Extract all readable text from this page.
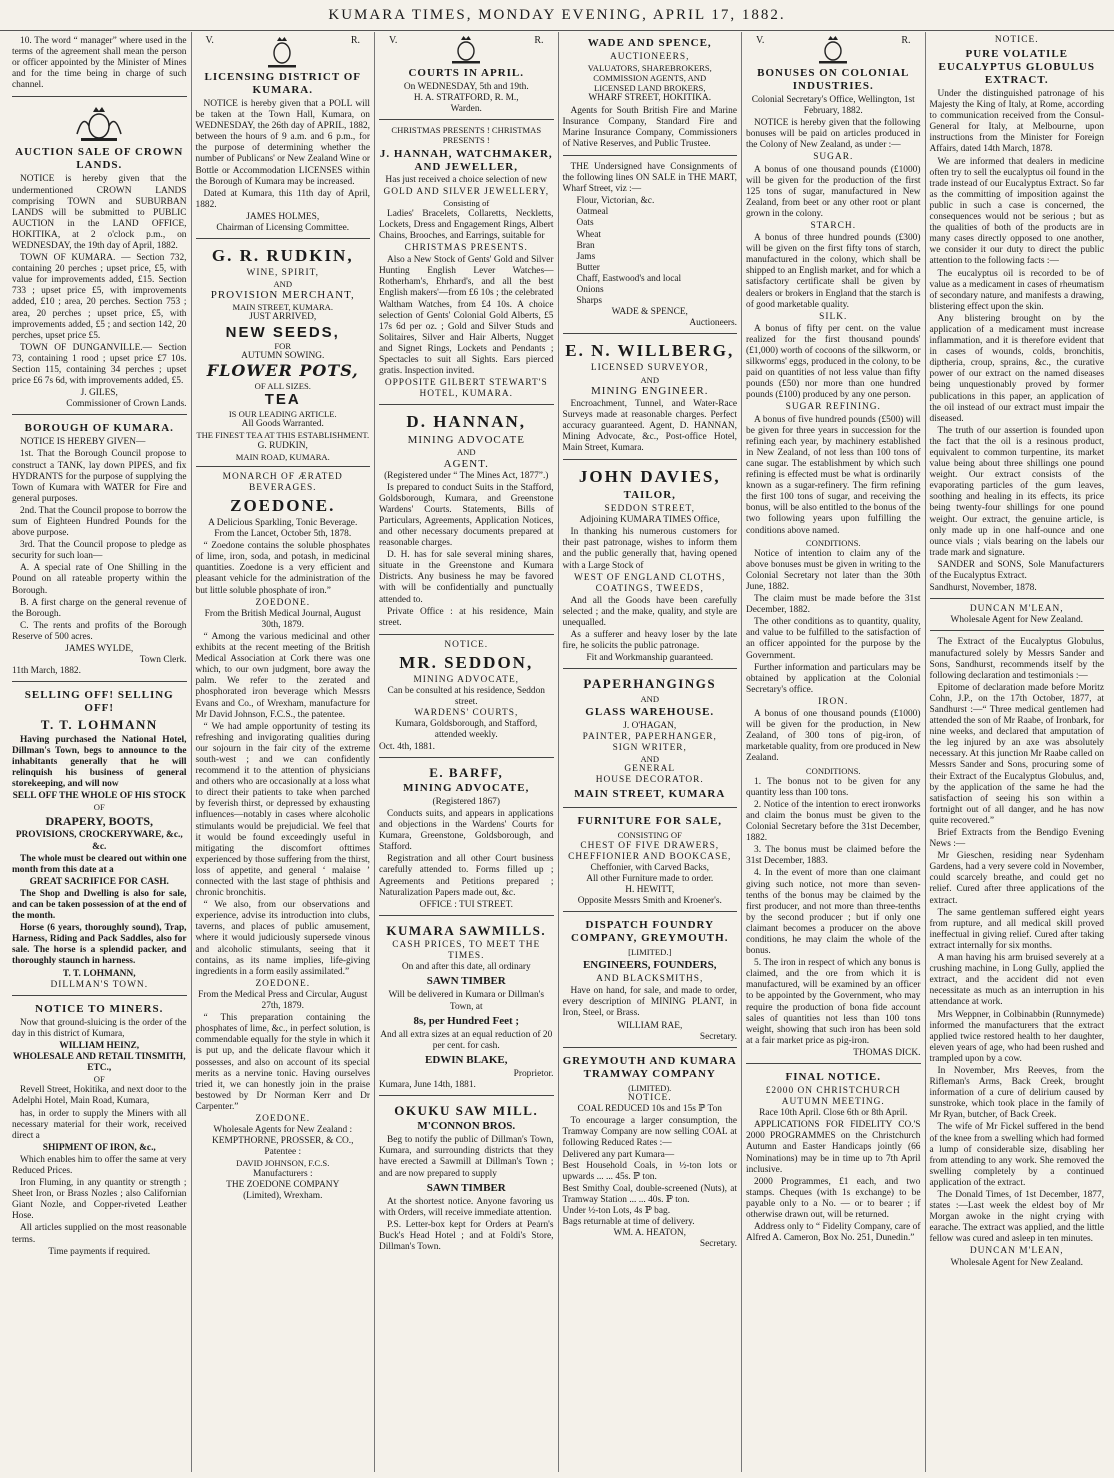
KUMARA TIMES, MONDAY EVENING, APRIL 17, 1882.

10. The word “ manager” where used in the terms of the agreement shall mean the person or officer appointed by the Minister of Mines and for the time being in charge of such channel.

AUCTION SALE OF CROWN LANDS.

NOTICE is hereby given that the undermentioned CROWN LANDS comprising TOWN and SUBURBAN LANDS will be submitted to PUBLIC AUCTION in the LAND OFFICE, HOKITIKA, at 2 o'clock p.m., on WEDNESDAY, the 19th day of April, 1882.

TOWN OF KUMARA. — Section 732, containing 20 perches ; upset price, £5, with value for improvements added, £15. Section 733 ; upset price £5, with improvements added, £10 ; area, 20 perches. Section 753 ; area, 20 perches ; upset price, £5, with improvements added, £5 ; and section 142, 20 perches, upset price £5.

TOWN OF DUNGANVILLE.— Section 73, containing 1 rood ; upset price £7 10s. Section 115, containing 34 perches ; upset price £6 7s 6d, with improvements added, £5.

J. GILES,
Commissioner of Crown Lands.
BOROUGH OF KUMARA.

NOTICE IS HEREBY GIVEN—

1st. That the Borough Council propose to construct a TANK, lay down PIPES, and fix HYDRANTS for the purpose of supplying the Town of Kumara with WATER for Fire and general purposes.

2nd. That the Council propose to borrow the sum of Eighteen Hundred Pounds for the above purpose.

3rd. That the Council propose to pledge as security for such loan—

A. A special rate of One Shilling in the Pound on all rateable property within the Borough.

B. A first charge on the general revenue of the Borough.

C. The rents and profits of the Borough Reserve of 500 acres.

JAMES WYLDE,
Town Clerk.
11th March, 1882.
SELLING OFF! SELLING OFF!
T. T. LOHMANN

Having purchased the National Hotel, Dillman's Town, begs to announce to the inhabitants generally that he will relinquish his business of general storekeeping, and will now

SELL OFF THE WHOLE OF HIS STOCK
OF
DRAPERY, BOOTS,
PROVISIONS, CROCKERYWARE, &c., &c.

The whole must be cleared out within one month from this date at a

GREAT SACRIFICE FOR CASH.

The Shop and Dwelling is also for sale, and can be taken possession of at the end of the month.

Horse (6 years, thoroughly sound), Trap, Harness, Riding and Pack Saddles, also for sale. The horse is a splendid packer, and thoroughly staunch in harness.

T. T. LOHMANN,
DILLMAN'S TOWN.
NOTICE TO MINERS.

Now that ground-sluicing is the order of the day in this district of Kumara,

WILLIAM HEINZ,
WHOLESALE AND RETAIL TINSMITH, ETC.,
OF

Revell Street, Hokitika, and next door to the Adelphi Hotel, Main Road, Kumara,

has, in order to supply the Miners with all necessary material for their work, received direct a

SHIPMENT OF IRON, &c.,

Which enables him to offer the same at very Reduced Prices.

Iron Fluming, in any quantity or strength ; Sheet Iron, or Brass Nozles ; also Californian Giant Nozle, and Copper-riveted Leather Hose.

All articles supplied on the most reasonable terms.

Time payments if required.
V.	R.
LICENSING DISTRICT OF KUMARA.

NOTICE is hereby given that a POLL will be taken at the Town Hall, Kumara, on WEDNESDAY, the 26th day of APRIL, 1882, between the hours of 9 a.m. and 6 p.m., for the purpose of determining whether the number of Publicans' or New Zealand Wine or Bottle or Accommodation LICENSES within the Borough of Kumara may be increased.

Dated at Kumara, this 11th day of April, 1882.

JAMES HOLMES,
Chairman of Licensing Committee.
G. R. RUDKIN,
WINE, SPIRIT,
AND
PROVISION MERCHANT,
MAIN STREET, KUMARA.
JUST ARRIVED,
NEW SEEDS,
FOR
AUTUMN SOWING.
FLOWER POTS,
OF ALL SIZES.
TEA
IS OUR LEADING ARTICLE.
All Goods Warranted.
THE FINEST TEA AT THIS ESTABLISHMENT.
G. RUDKIN,
MAIN ROAD, KUMARA.
MONARCH OF ÆRATED BEVERAGES.
ZOEDONE.
A Delicious Sparkling, Tonic Beverage.
From the Lancet, October 5th, 1878.

“ Zoedone contains the soluble phosphates of lime, iron, soda, and potash, in medicinal quantities. Zoedone is a very efficient and pleasant vehicle for the administration of the but little soluble phosphate of iron.”

ZOEDONE.
From the British Medical Journal, August 30th, 1879.

“ Among the various medicinal and other exhibits at the recent meeting of the British Medical Association at Cork there was one which, to our own judgment, bore away the palm. We refer to the zerated and phosphorated iron beverage which Messrs Evans and Co., of Wrexham, manufacture for Mr David Johnson, F.C.S., the patentee.

“ We had ample opportunity of testing its refreshing and invigorating qualities during our sojourn in the fair city of the extreme south-west ; and we can confidently recommend it to the attention of physicians and others who are occasionally at a loss what to direct their patients to take when parched by feverish thirst, or depressed by exhausting influences—notably in cases where alcoholic stimulants would be prejudicial. We feel that it would be found exceedingly useful in mitigating the discomfort ofttimes experienced by those suffering from the thirst, loss of appetite, and general ‘ malaise ’ connected with the last stage of phthisis and chronic bronchitis.

“ We also, from our observations and experience, advise its introduction into clubs, taverns, and places of public amusement, where it would judiciously supersede vinous and alcoholic stimulants, seeing that it contains, as its name implies, life-giving ingredients in a form easily assimilated.”

ZOEDONE.
From the Medical Press and Circular, August 27th, 1879.

“ This preparation containing the phosphates of lime, &c., in perfect solution, is commendable equally for the style in which it is put up, and the delicate flavour which it possesses, and also on account of its special merits as a nervine tonic. Having ourselves tried it, we can honestly join in the praise bestowed by Dr Norman Kerr and Dr Carpenter.”

ZOEDONE.
Wholesale Agents for New Zealand :
KEMPTHORNE, PROSSER, & CO.,
Patentee :
DAVID JOHNSON, F.C.S.
Manufacturers :
THE ZOEDONE COMPANY
(Limited), Wrexham.
V.	R.
COURTS IN APRIL.
On WEDNESDAY, 5th and 19th.
H. A. STRATFORD, R. M.,
Warden.
CHRISTMAS PRESENTS ! CHRISTMAS PRESENTS !
J. HANNAH, WATCHMAKER, AND JEWELLER,
Has just received a choice selection of new
GOLD AND SILVER JEWELLERY,
Consisting of

Ladies' Bracelets, Collaretts, Neckletts, Lockets, Dress and Engagement Rings, Albert Chains, Brooches, and Earrings, suitable for

CHRISTMAS PRESENTS.

Also a New Stock of Gents' Gold and Silver Hunting English Lever Watches—Rotherham's, Ehrhard's, and all the best English makers'—from £6 10s ; the celebrated Waltham Watches, from £4 10s. A choice selection of Gents' Colonial Gold Alberts, £5 17s 6d per oz. ; Gold and Silver Studs and Solitaires, Silver and Hair Alberts, Nugget and Signet Rings, Lockets and Pendants ; Spectacles to suit all Sights. Ears pierced gratis. Inspection invited.

OPPOSITE GILBERT STEWART'S HOTEL, KUMARA.
D. HANNAN,
MINING ADVOCATE
AND
AGENT.
(Registered under “ The Mines Act, 1877”.)

Is prepared to conduct Suits in the Stafford, Goldsborough, Kumara, and Greenstone Wardens' Courts. Statements, Bills of Particulars, Agreements, Application Notices, and other necessary documents prepared at reasonable charges.

D. H. has for sale several mining shares, situate in the Greenstone and Kumara Districts. Any business he may be favored with will be confidentially and punctually attended to.

Private Office : at his residence, Main street.

NOTICE.
MR. SEDDON,
MINING ADVOCATE,
Can be consulted at his residence, Seddon street.
WARDENS' COURTS,
Kumara, Goldsborough, and Stafford, attended weekly.
Oct. 4th, 1881.
E. BARFF,
MINING ADVOCATE,
(Registered 1867)

Conducts suits, and appears in applications and objections in the Wardens' Courts for Kumara, Greenstone, Goldsborough, and Stafford.

Registration and all other Court business carefully attended to. Forms filled up ; Agreements and Petitions prepared ; Naturalization Papers made out, &c.

OFFICE : TUI STREET.
KUMARA SAWMILLS.
CASH PRICES, TO MEET THE TIMES.
On and after this date, all ordinary
SAWN TIMBER
Will be delivered in Kumara or Dillman's Town, at
8s, per Hundred Feet ;
And all extra sizes at an equal reduction of 20 per cent. for cash.
EDWIN BLAKE,
Proprietor.
Kumara, June 14th, 1881.
OKUKU SAW MILL.
M'CONNON BROS.

Beg to notify the public of Dillman's Town, Kumara, and surrounding districts that they have erected a Sawmill at Dillman's Town ; and are now prepared to supply

SAWN TIMBER

At the shortest notice. Anyone favoring us with Orders, will receive immediate attention.

P.S. Letter-box kept for Orders at Pearn's Buck's Head Hotel ; and at Foldi's Store, Dillman's Town.

WADE AND SPENCE,
AUCTIONEERS,
VALUATORS, SHAREBROKERS, COMMISSION AGENTS, AND
LICENSED LAND BROKERS,
WHARF STREET, HOKITIKA.

Agents for South British Fire and Marine Insurance Company, Standard Fire and Marine Insurance Company, Commissioners of Native Reserves, and Public Trustee.

THE Undersigned have Consignments of the following lines ON SALE in THE MART, Wharf Street, viz :—

Flour, Victorian, &c.
Oatmeal
Oats
Wheat
Bran
Jams
Butter
Chaff, Eastwood's and local
Onions
Sharps
WADE & SPENCE,
Auctioneers.
E. N. WILLBERG,
LICENSED SURVEYOR,
AND
MINING ENGINEER.

Encroachment, Tunnel, and Water-Race Surveys made at reasonable charges. Perfect accuracy guaranteed. Agent, D. HANNAN, Mining Advocate, &c., Post-office Hotel, Main Street, Kumara.

JOHN DAVIES,
TAILOR,
SEDDON STREET,
Adjoining KUMARA TIMES Office,

In thanking his numerous customers for their past patronage, wishes to inform them and the public generally that, having opened with a Large Stock of

WEST OF ENGLAND CLOTHS,
COATINGS, TWEEDS,

And all the Goods have been carefully selected ; and the make, quality, and style are unequalled.

As a sufferer and heavy loser by the late fire, he solicits the public patronage.

Fit and Workmanship guaranteed.
PAPERHANGINGS
AND
GLASS WAREHOUSE.
J. O'HAGAN,
PAINTER, PAPERHANGER,
SIGN WRITER,
AND
GENERAL
HOUSE DECORATOR.
MAIN STREET, KUMARA
FURNITURE FOR SALE,
CONSISTING OF
CHEST OF FIVE DRAWERS,
CHEFFIONIER AND BOOKCASE,
Cheffonier, with Carved Backs,
All other Furniture made to order.
H. HEWITT,
Opposite Messrs Smith and Kroener's.
DISPATCH FOUNDRY COMPANY, GREYMOUTH.
[LIMITED.]
ENGINEERS, FOUNDERS,
AND BLACKSMITHS,

Have on hand, for sale, and made to order, every description of MINING PLANT, in Iron, Steel, or Brass.

WILLIAM RAE,
Secretary.
GREYMOUTH AND KUMARA TRAMWAY COMPANY
(LIMITED).
NOTICE.
COAL REDUCED 10s and 15s ℙ Ton

To encourage a larger consumption, the Tramway Company are now selling COAL at following Reduced Rates :—

Delivered any part Kumara—
Best Household Coals, in ½-ton lots or upwards ... ... 45s. ℙ ton.
Best Smithy Coal, double-screened (Nuts), at Tramway Station ... ... 40s. ℙ ton.
Under ½-ton Lots, 4s ℙ bag.
Bags returnable at time of delivery.
WM. A. HEATON,
Secretary.
V.	R.
BONUSES ON COLONIAL INDUSTRIES.
Colonial Secretary's Office, Wellington, 1st February, 1882.

NOTICE is hereby given that the following bonuses will be paid on articles produced in the Colony of New Zealand, as under :—

SUGAR.

A bonus of one thousand pounds (£1000) will be given for the production of the first 125 tons of sugar, manufactured in New Zealand, from beet or any other root or plant grown in the colony.

STARCH.

A bonus of three hundred pounds (£300) will be given on the first fifty tons of starch, manufactured in the colony, which shall be shipped to an English market, and for which a satisfactory certificate shall be given by dealers or brokers in England that the starch is of good marketable quality.

SILK.

A bonus of fifty per cent. on the value realized for the first thousand pounds' (£1,000) worth of cocoons of the silkworm, or silkworms' eggs, produced in the colony, to be paid on quantities of not less value than fifty pounds (£50) nor more than one hundred pounds (£100) produced by any one person.

SUGAR REFINING.

A bonus of five hundred pounds (£500) will be given for three years in succession for the refining each year, by machinery established in New Zealand, of not less than 100 tons of cane sugar. The establishment by which such refining is effected must be what is ordinarily known as a sugar-refinery. The firm refining the first 100 tons of sugar, and receiving the bonus, will be also entitled to the bonus of the two following years upon fulfilling the conditions above named.

CONDITIONS.

Notice of intention to claim any of the above bonuses must be given in writing to the Colonial Secretary not later than the 30th June, 1882.

The claim must be made before the 31st December, 1882.

The other conditions as to quantity, quality, and value to be fulfilled to the satisfaction of an officer appointed for the purpose by the Government.

Further information and particulars may be obtained by application at the Colonial Secretary's office.

IRON.

A bonus of one thousand pounds (£1000) will be given for the production, in New Zealand, of 300 tons of pig-iron, of marketable quality, from ore produced in New Zealand.

CONDITIONS.

1. The bonus not to be given for any quantity less than 100 tons.

2. Notice of the intention to erect ironworks and claim the bonus must be given to the Colonial Secretary before the 31st December, 1882.

3. The bonus must be claimed before the 31st December, 1883.

4. In the event of more than one claimant giving such notice, not more than seven-tenths of the bonus may be claimed by the first producer, and not more than three-tenths by the second producer ; but if only one claimant becomes a producer on the above conditions, he may claim the whole of the bonus.

5. The iron in respect of which any bonus is claimed, and the ore from which it is manufactured, will be examined by an officer to be appointed by the Government, who may require the production of bona fide account sales of quantities not less than 100 tons weight, showing that such iron has been sold at a fair market price as pig-iron.

THOMAS DICK.
FINAL NOTICE.
£2000 ON CHRISTCHURCH AUTUMN MEETING.
Race 10th April. Close 6th or 8th April.

APPLICATIONS FOR FIDELITY CO.'S 2000 PROGRAMMES on the Christchurch Autumn and Easter Handicaps jointly (66 Nominations) may be in time up to 7th April inclusive.

2000 Programmes, £1 each, and two stamps. Cheques (with 1s exchange) to be payable only to a No. — or to bearer ; if otherwise drawn out, will be returned.

Address only to “ Fidelity Company, care of Alfred A. Cameron, Box No. 251, Dunedin.”

NOTICE.
PURE VOLATILE EUCALYPTUS GLOBULUS EXTRACT.

Under the distinguished patronage of his Majesty the King of Italy, at Rome, according to communication received from the Consul-General for Italy, at Melbourne, upon instructions from the Minister for Foreign Affairs, dated 14th March, 1878.

We are informed that dealers in medicine often try to sell the eucalyptus oil found in the trade instead of our Eucalyptus Extract. So far as the committing of imposition against the public in such a case is concerned, the consequences would not be serious ; but as the qualities of both of the products are in many cases directly opposed to one another, we consider it our duty to direct the public attention to the following facts :—

The eucalyptus oil is recorded to be of value as a medicament in cases of rheumatism of secondary nature, and manifests a drawing, blistering effect upon the skin.

Any blistering brought on by the application of a medicament must increase inflammation, and it is therefore evident that in cases of wounds, colds, bronchitis, diptheria, croup, sprains, &c., the curative power of our extract on the named diseases being unquestionably proved by former publications in this paper, an application of the oil instead of our extract must impair the diseased.

The truth of our assertion is founded upon the fact that the oil is a resinous product, equivalent to common turpentine, its market value being about three shillings one pound weight. Our extract consists of the evaporating particles of the gum leaves, soothing and healing in its effects, its price being twenty-four shillings for one pound weight. Our extract, the genuine article, is only made up in one half-ounce and one ounce vials ; vials bearing on the labels our trade mark and signature.

SANDER and SONS, Sole Manufacturers of the Eucalyptus Extract.

Sandhurst, November, 1878.
DUNCAN M'LEAN,
Wholesale Agent for New Zealand.

The Extract of the Eucalyptus Globulus, manufactured solely by Messrs Sander and Sons, Sandhurst, recommends itself by the following declaration and testimonials :—

Epitome of declaration made before Moritz Cohn, J.P., on the 17th October, 1877, at Sandhurst :—“ Three medical gentlemen had attended the son of Mr Raabe, of Ironbark, for nine weeks, and declared that amputation of the leg injured by an axe was absolutely necessary. At this junction Mr Raabe called on Messrs Sander and Sons, procuring some of their Extract of the Eucalyptus Globulus, and, by the application of the same he had the satisfaction of seeing his son within a fortnight out of all danger, and he has now quite recovered.”

Brief Extracts from the Bendigo Evening News :—

Mr Gieschen, residing near Sydenham Gardens, had a very severe cold in November, could scarcely breathe, and could get no relief. Cured after three applications of the extract.

The same gentleman suffered eight years from rupture, and all medical skill proved ineffectual in giving relief. Cured after taking extract internally for six months.

A man having his arm bruised severely at a crushing machine, in Long Gully, applied the extract, and the accident did not even necessitate as much as an interruption in his attendance at work.

Mrs Weppner, in Colbinabbin (Runnymede) informed the manufacturers that the extract applied twice restored health to her daughter, eleven years of age, who had been rushed and trampled upon by a cow.

In November, Mrs Reeves, from the Rifleman's Arms, Back Creek, brought information of a cure of delirium caused by sunstroke, which took place in the family of Mr Ryan, butcher, of Back Creek.

The wife of Mr Fickel suffered in the bend of the knee from a swelling which had formed a lump of considerable size, disabling her from attending to any work. She removed the swelling completely by a continued application of the extract.

The Donald Times, of 1st December, 1877, states :—Last week the eldest boy of Mr Morgan awoke in the night crying with earache. The extract was applied, and the little fellow was cured and asleep in ten minutes.

DUNCAN M'LEAN,
Wholesale Agent for New Zealand.
